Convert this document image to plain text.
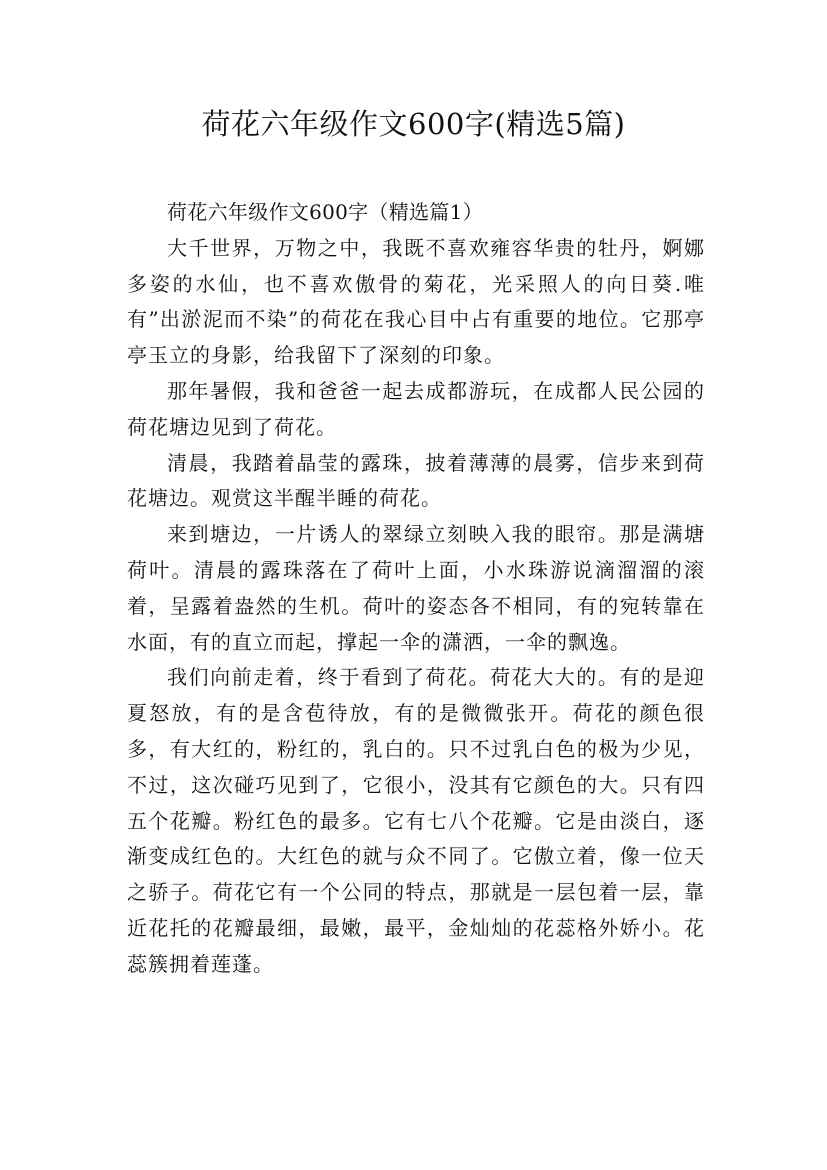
荷花六年级作文600字(精选5篇)

荷花六年级作文600字（精选篇1）

大千世界，万物之中，我既不喜欢雍容华贵的牡丹，婀娜多姿的水仙，也不喜欢傲骨的菊花，光采照人的向日葵.唯有”出淤泥而不染”的荷花在我心目中占有重要的地位。它那亭亭玉立的身影，给我留下了深刻的印象。

那年暑假，我和爸爸一起去成都游玩，在成都人民公园的荷花塘边见到了荷花。

清晨，我踏着晶莹的露珠，披着薄薄的晨雾，信步来到荷花塘边。观赏这半醒半睡的荷花。

来到塘边，一片诱人的翠绿立刻映入我的眼帘。那是满塘荷叶。清晨的露珠落在了荷叶上面，小水珠游说滴溜溜的滚着，呈露着盎然的生机。荷叶的姿态各不相同，有的宛转靠在水面，有的直立而起，撑起一伞的潇洒，一伞的飘逸。

我们向前走着，终于看到了荷花。荷花大大的。有的是迎夏怒放，有的是含苞待放，有的是微微张开。荷花的颜色很多，有大红的，粉红的，乳白的。只不过乳白色的极为少见，不过，这次碰巧见到了，它很小，没其有它颜色的大。只有四五个花瓣。粉红色的最多。它有七八个花瓣。它是由淡白，逐渐变成红色的。大红色的就与众不同了。它傲立着，像一位天之骄子。荷花它有一个公同的特点，那就是一层包着一层，靠近花托的花瓣最细，最嫩，最平，金灿灿的花蕊格外娇小。花蕊簇拥着莲蓬。
